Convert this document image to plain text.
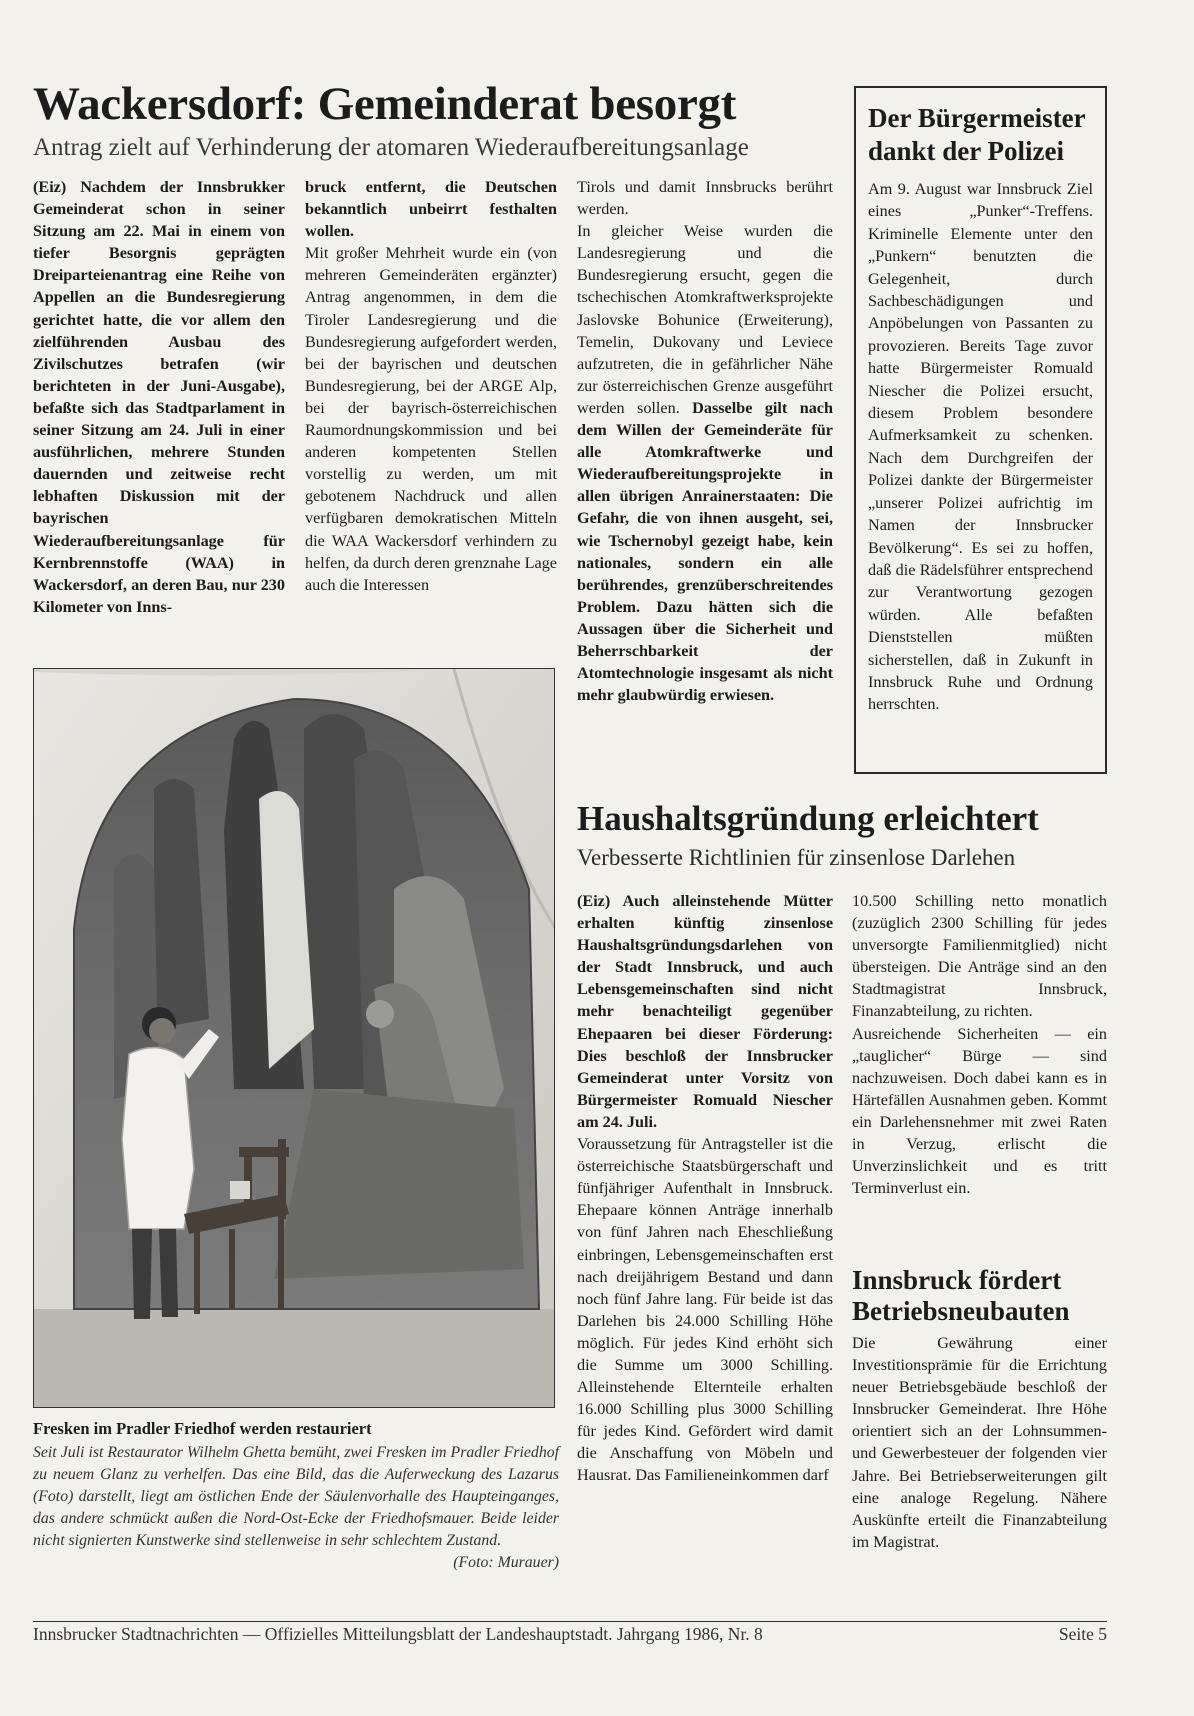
Wackersdorf: Gemeinderat besorgt

Antrag zielt auf Verhinderung der atomaren Wiederaufbereitungsanlage

(Eiz) Nachdem der Innsbrukker Gemeinderat schon in seiner Sitzung am 22. Mai in einem von tiefer Besorgnis geprägten Dreiparteienantrag eine Reihe von Appellen an die Bundesregierung gerichtet hatte, die vor allem den zielführenden Ausbau des Zivilschutzes betrafen (wir berichteten in der Juni-Ausgabe), befaßte sich das Stadtparlament in seiner Sitzung am 24. Juli in einer ausführlichen, mehrere Stunden dauernden und zeitweise recht lebhaften Diskussion mit der bayrischen Wiederaufbereitungsanlage für Kernbrennstoffe (WAA) in Wackersdorf, an deren Bau, nur 230 Kilometer von Inns-

bruck entfernt, die Deutschen bekanntlich unbeirrt festhalten wollen.

Mit großer Mehrheit wurde ein (von mehreren Gemeinderäten ergänzter) Antrag angenommen, in dem die Tiroler Landesregierung und die Bundesregierung aufgefordert werden, bei der bayrischen und deutschen Bundesregierung, bei der ARGE Alp, bei der bayrisch-österreichischen Raumordnungskommission und bei anderen kompetenten Stellen vorstellig zu werden, um mit gebotenem Nachdruck und allen verfügbaren demokratischen Mitteln die WAA Wackersdorf verhindern zu helfen, da durch deren grenznahe Lage auch die Interessen

Tirols und damit Innsbrucks berührt werden.

In gleicher Weise wurden die Landesregierung und die Bundesregierung ersucht, gegen die tschechischen Atomkraftwerksprojekte Jaslovske Bohunice (Erweiterung), Temelin, Dukovany und Leviece aufzutreten, die in gefährlicher Nähe zur österreichischen Grenze ausgeführt werden sollen. Dasselbe gilt nach dem Willen der Gemeinderäte für alle Atomkraftwerke und Wiederaufbereitungsprojekte in allen übrigen Anrainerstaaten: Die Gefahr, die von ihnen ausgeht, sei, wie Tschernobyl gezeigt habe, kein nationales, sondern ein alle berührendes, grenzüberschreitendes Problem. Dazu hätten sich die Aussagen über die Sicherheit und Beherrschbarkeit der Atomtechnologie insgesamt als nicht mehr glaubwürdig erwiesen.

Der Bürgermeister dankt der Polizei

Am 9. August war Innsbruck Ziel eines „Punker“-Treffens. Kriminelle Elemente unter den „Punkern“ benutzten die Gelegenheit, durch Sachbeschädigungen und Anpöbelungen von Passanten zu provozieren. Bereits Tage zuvor hatte Bürgermeister Romuald Niescher die Polizei ersucht, diesem Problem besondere Aufmerksamkeit zu schenken. Nach dem Durchgreifen der Polizei dankte der Bürgermeister „unserer Polizei aufrichtig im Namen der Innsbrucker Bevölkerung“. Es sei zu hoffen, daß die Rädelsführer entsprechend zur Verantwortung gezogen würden. Alle befaßten Dienststellen müßten sicherstellen, daß in Zukunft in Innsbruck Ruhe und Ordnung herrschten.

Fresken im Pradler Friedhof werden restauriert

Seit Juli ist Restaurator Wilhelm Ghetta bemüht, zwei Fresken im Pradler Friedhof zu neuem Glanz zu verhelfen. Das eine Bild, das die Auferweckung des Lazarus (Foto) darstellt, liegt am östlichen Ende der Säulenvorhalle des Haupteinganges, das andere schmückt außen die Nord-Ost-Ecke der Friedhofsmauer. Beide leider nicht signierten Kunstwerke sind stellenweise in sehr schlechtem Zustand.
(Foto: Murauer)

Haushaltsgründung erleichtert

Verbesserte Richtlinien für zinsenlose Darlehen

(Eiz) Auch alleinstehende Mütter erhalten künftig zinsenlose Haushaltsgründungsdarlehen von der Stadt Innsbruck, und auch Lebensgemeinschaften sind nicht mehr benachteiligt gegenüber Ehepaaren bei dieser Förderung: Dies beschloß der Innsbrucker Gemeinderat unter Vorsitz von Bürgermeister Romuald Niescher am 24. Juli.

Voraussetzung für Antragsteller ist die österreichische Staatsbürgerschaft und fünfjähriger Aufenthalt in Innsbruck. Ehepaare können Anträge innerhalb von fünf Jahren nach Eheschließung einbringen, Lebensgemeinschaften erst nach dreijährigem Bestand und dann noch fünf Jahre lang. Für beide ist das Darlehen bis 24.000 Schilling Höhe möglich. Für jedes Kind erhöht sich die Summe um 3000 Schilling. Alleinstehende Elternteile erhalten 16.000 Schilling plus 3000 Schilling für jedes Kind. Gefördert wird damit die Anschaffung von Möbeln und Hausrat. Das Familieneinkommen darf

10.500 Schilling netto monatlich (zuzüglich 2300 Schilling für jedes unversorgte Familienmitglied) nicht übersteigen. Die Anträge sind an den Stadtmagistrat Innsbruck, Finanzabteilung, zu richten.

Ausreichende Sicherheiten — ein „tauglicher“ Bürge — sind nachzuweisen. Doch dabei kann es in Härtefällen Ausnahmen geben. Kommt ein Darlehensnehmer mit zwei Raten in Verzug, erlischt die Unverzinslichkeit und es tritt Terminverlust ein.

Innsbruck fördert Betriebsneubauten

Die Gewährung einer Investitionsprämie für die Errichtung neuer Betriebsgebäude beschloß der Innsbrucker Gemeinderat. Ihre Höhe orientiert sich an der Lohnsummen- und Gewerbesteuer der folgenden vier Jahre. Bei Betriebserweiterungen gilt eine analoge Regelung. Nähere Auskünfte erteilt die Finanzabteilung im Magistrat.

Innsbrucker Stadtnachrichten — Offizielles Mitteilungsblatt der Landeshauptstadt. Jahrgang 1986, Nr. 8	Seite 5
